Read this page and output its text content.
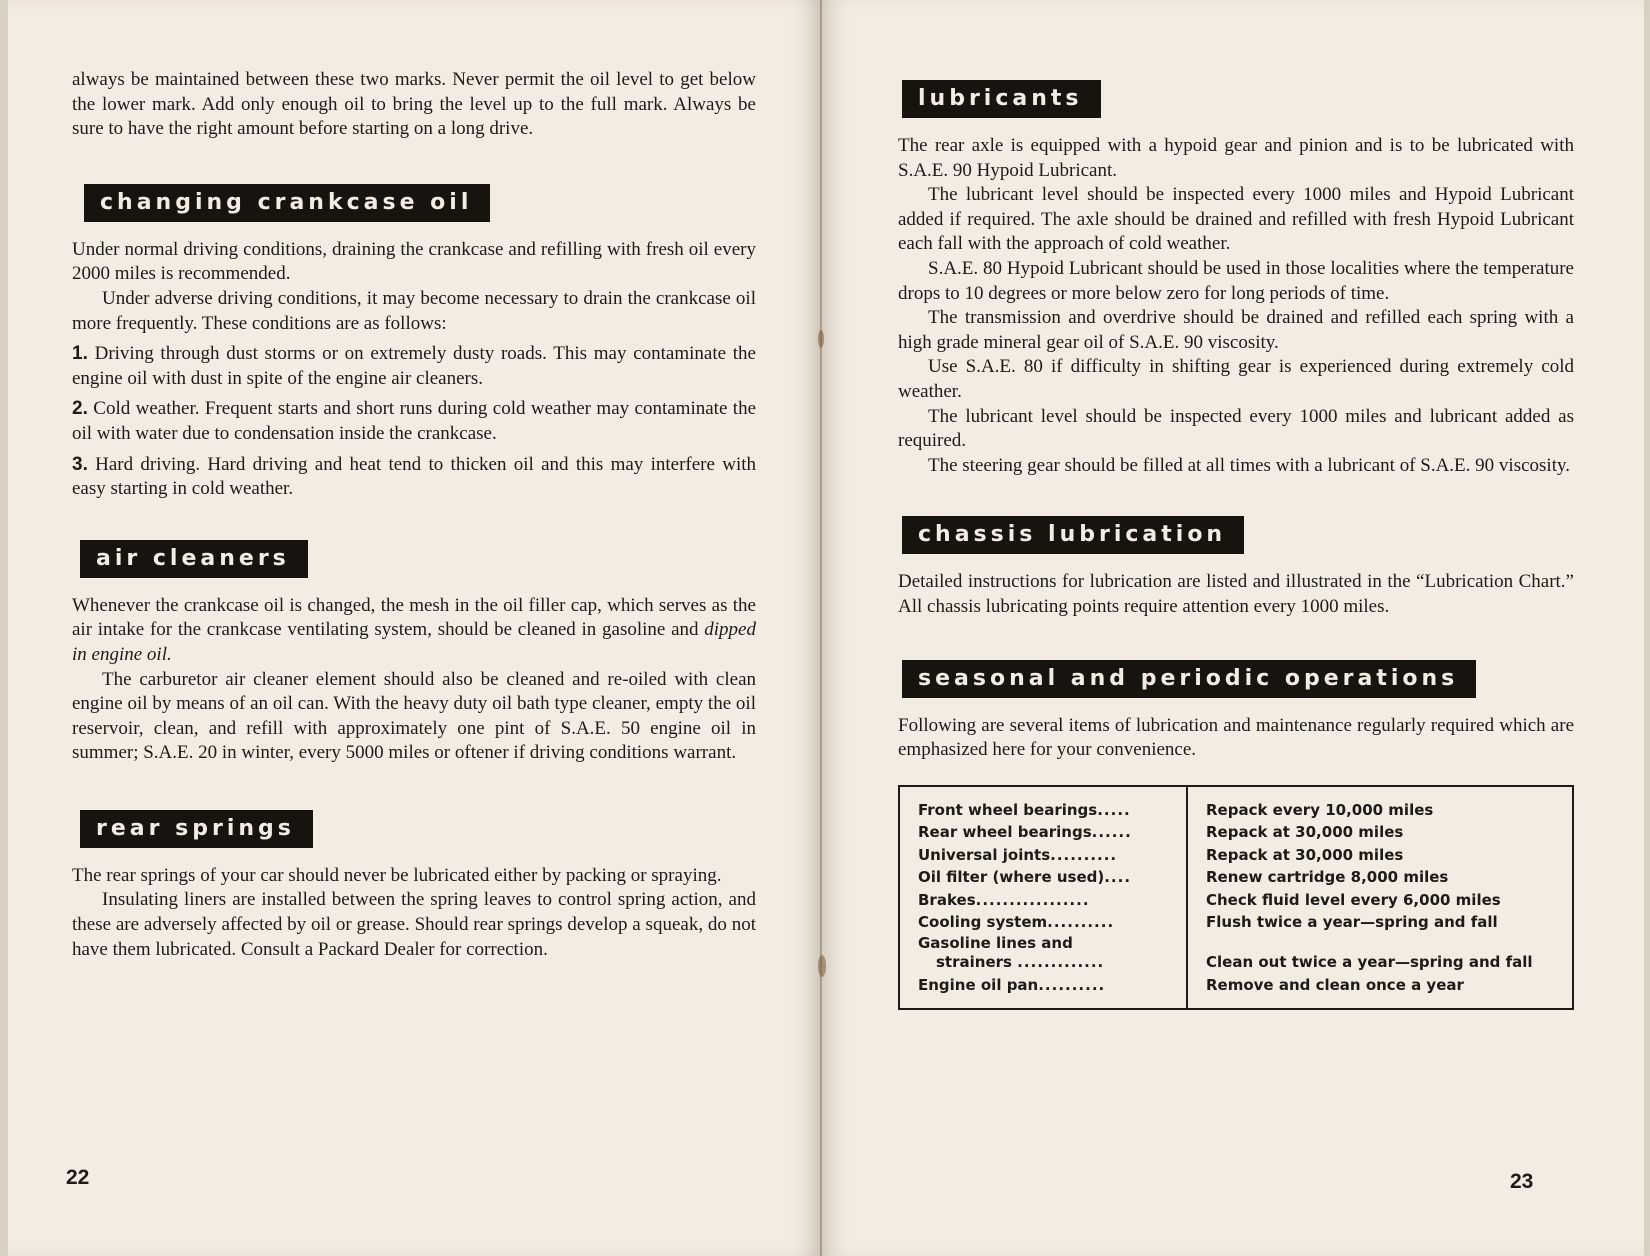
always be maintained between these two marks. Never permit the oil level to get below the lower mark. Add only enough oil to bring the level up to the full mark. Always be sure to have the right amount before starting on a long drive.

changing crankcase oil

Under normal driving conditions, draining the crankcase and refilling with fresh oil every 2000 miles is recommended.

Under adverse driving conditions, it may become necessary to drain the crankcase oil more frequently. These conditions are as follows:

1. Driving through dust storms or on extremely dusty roads. This may contaminate the engine oil with dust in spite of the engine air cleaners.

2. Cold weather. Frequent starts and short runs during cold weather may contaminate the oil with water due to condensation inside the crankcase.

3. Hard driving. Hard driving and heat tend to thicken oil and this may interfere with easy starting in cold weather.

air cleaners

Whenever the crankcase oil is changed, the mesh in the oil filler cap, which serves as the air intake for the crankcase ventilating system, should be cleaned in gasoline and dipped in engine oil.

The carburetor air cleaner element should also be cleaned and re-oiled with clean engine oil by means of an oil can. With the heavy duty oil bath type cleaner, empty the oil reservoir, clean, and refill with approximately one pint of S.A.E. 50 engine oil in summer; S.A.E. 20 in winter, every 5000 miles or oftener if driving conditions warrant.

rear springs

The rear springs of your car should never be lubricated either by packing or spraying.

Insulating liners are installed between the spring leaves to control spring action, and these are adversely affected by oil or grease. Should rear springs develop a squeak, do not have them lubricated. Consult a Packard Dealer for correction.

22
lubricants

The rear axle is equipped with a hypoid gear and pinion and is to be lubricated with S.A.E. 90 Hypoid Lubricant.

The lubricant level should be inspected every 1000 miles and Hypoid Lubricant added if required. The axle should be drained and refilled with fresh Hypoid Lubricant each fall with the approach of cold weather.

S.A.E. 80 Hypoid Lubricant should be used in those localities where the temperature drops to 10 degrees or more below zero for long periods of time.

The transmission and overdrive should be drained and refilled each spring with a high grade mineral gear oil of S.A.E. 90 viscosity.

Use S.A.E. 80 if difficulty in shifting gear is experienced during extremely cold weather.

The lubricant level should be inspected every 1000 miles and lubricant added as required.

The steering gear should be filled at all times with a lubricant of S.A.E. 90 viscosity.

chassis lubrication

Detailed instructions for lubrication are listed and illustrated in the “Lubrication Chart.” All chassis lubricating points require attention every 1000 miles.

seasonal and periodic operations

Following are several items of lubrication and maintenance regularly required which are emphasized here for your convenience.

Front wheel bearings.....
Rear wheel bearings......
Universal joints..........
Oil filter (where used)....
Brakes.................
Cooling system..........
Gasoline lines and
strainers .............
Engine oil pan..........
Repack every 10,000 miles
Repack at 30,000 miles
Repack at 30,000 miles
Renew cartridge 8,000 miles
Check fluid level every 6,000 miles
Flush twice a year—spring and fall
Clean out twice a year—spring and fall
Remove and clean once a year
23
